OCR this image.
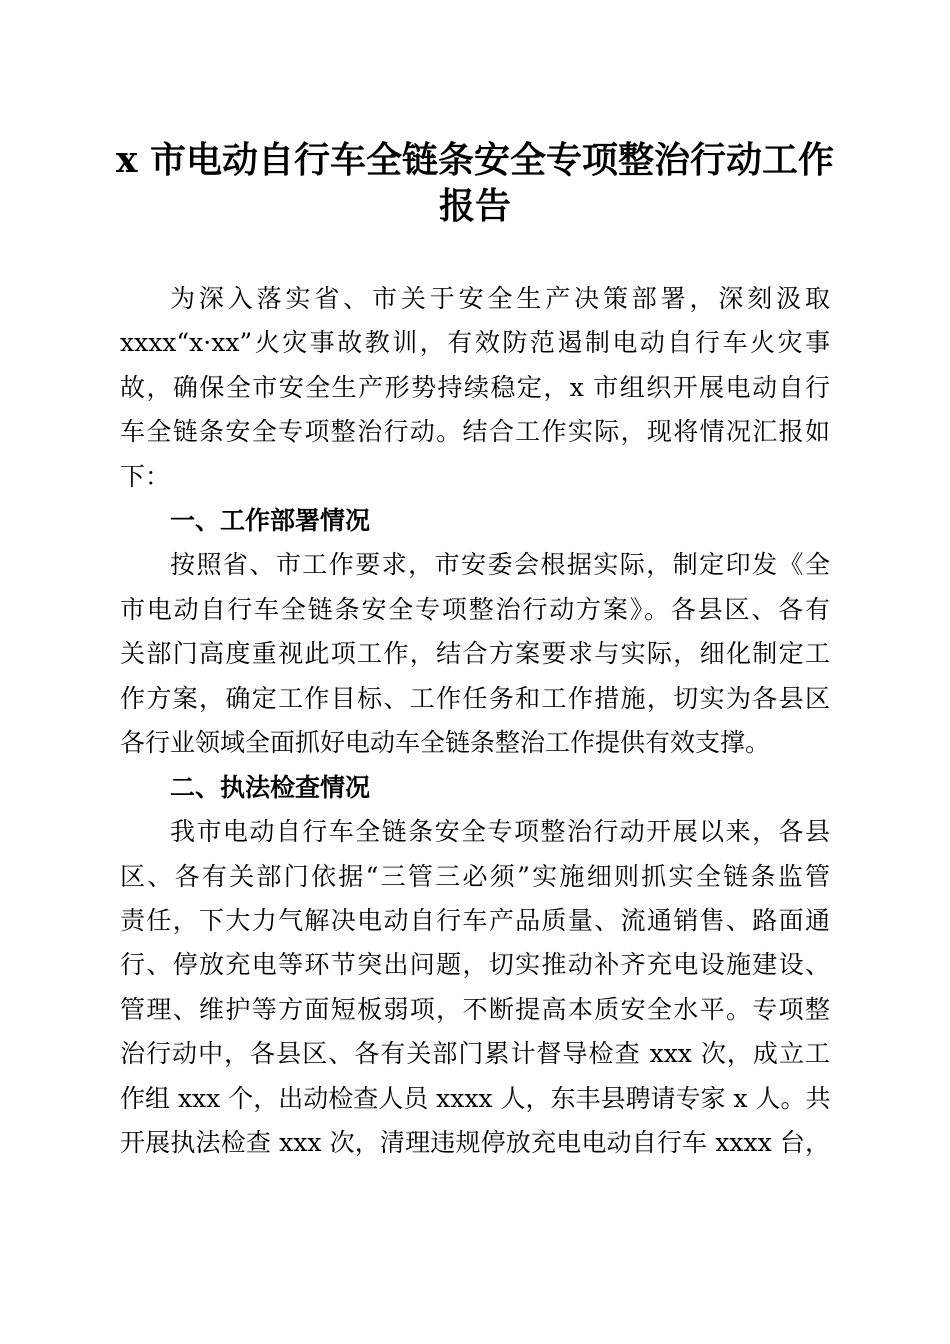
x 市电动自行车全链条安全专项整治行动工作
报告
为深入落实省、市关于安全生产决策部署，深刻汲取
xxxx“x·xx”火灾事故教训，有效防范遏制电动自行车火灾事
故，确保全市安全生产形势持续稳定，x 市组织开展电动自行
车全链条安全专项整治行动。结合工作实际，现将情况汇报如
下：
一、工作部署情况
按照省、市工作要求，市安委会根据实际，制定印发《全
市电动自行车全链条安全专项整治行动方案》。各县区、各有
关部门高度重视此项工作，结合方案要求与实际，细化制定工
作方案，确定工作目标、工作任务和工作措施，切实为各县区
各行业领域全面抓好电动车全链条整治工作提供有效支撑。
二、执法检查情况
我市电动自行车全链条安全专项整治行动开展以来，各县
区、各有关部门依据“三管三必须”实施细则抓实全链条监管
责任，下大力气解决电动自行车产品质量、流通销售、路面通
行、停放充电等环节突出问题，切实推动补齐充电设施建设、
管理、维护等方面短板弱项，不断提高本质安全水平。专项整
治行动中，各县区、各有关部门累计督导检查 xxx 次，成立工
作组 xxx 个，出动检查人员 xxxx 人，东丰县聘请专家 x 人。共
开展执法检查 xxx 次，清理违规停放充电电动自行车 xxxx 台，
